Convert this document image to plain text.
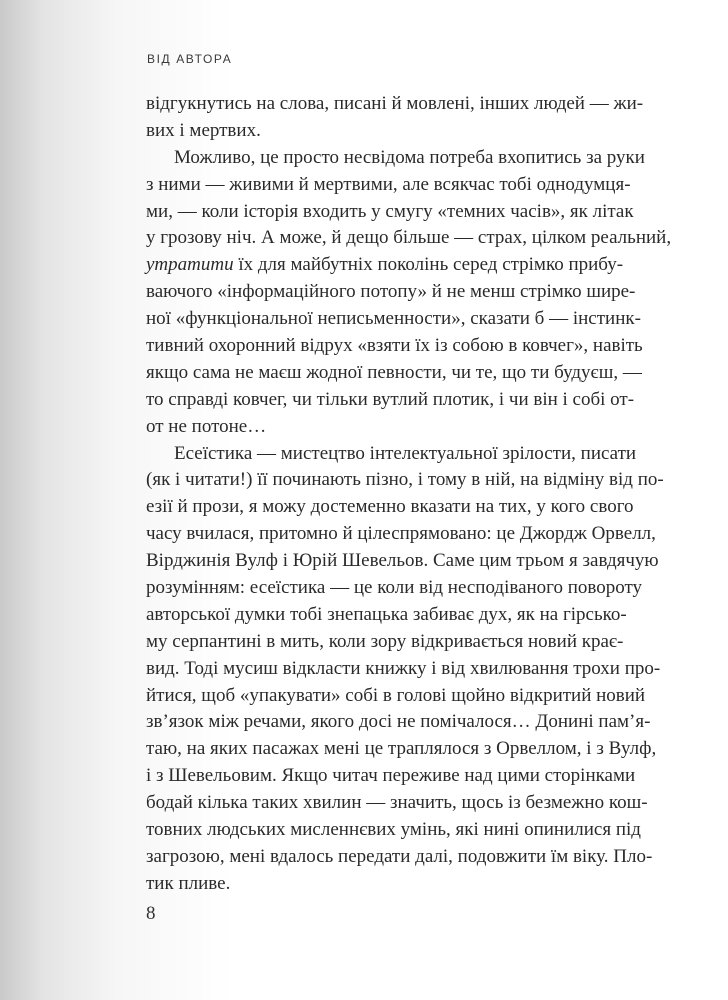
ВІД АВТОРА
відгукнутись на слова, писані й мовлені, інших людей — жи-
вих і мертвих.
Можливо, це просто несвідома потреба вхопитись за руки
з ними — живими й мертвими, але всякчас тобі однодумця-
ми, — коли історія входить у смугу «темних часів», як літак
у грозову ніч. А може, й дещо більше — страх, цілком реальний,
утратити їх для майбутніх поколінь серед стрімко прибу-
ваючого «інформаційного потопу» й не менш стрімко шире-
ної «функціональної неписьменности», сказати б — інстинк-
тивний охоронний відрух «взяти їх із собою в ковчег», навіть
якщо сама не маєш жодної певности, чи те, що ти будуєш, —
то справді ковчег, чи тільки вутлий плотик, і чи він і собі от-
от не потоне…
Есеїстика — мистецтво інтелектуальної зрілости, писати
(як і читати!) її починають пізно, і тому в ній, на відміну від по-
езії й прози, я можу достеменно вказати на тих, у кого свого
часу вчилася, притомно й цілеспрямовано: це Джордж Орвелл,
Вірджинія Вулф і Юрій Шевельов. Саме цим трьом я завдячую
розумінням: есеїстика — це коли від несподіваного повороту
авторської думки тобі знепацька забиває дух, як на гірсько-
му серпантині в мить, коли зору відкривається новий крає-
вид. Тоді мусиш відкласти книжку і від хвилювання трохи про-
йтися, щоб «упакувати» собі в голові щойно відкритий новий
зв’язок між речами, якого досі не помічалося… Донині пам’я-
таю, на яких пасажах мені це траплялося з Орвеллом, і з Вулф,
і з Шевельовим. Якщо читач переживе над цими сторінками
бодай кілька таких хвилин — значить, щось із безмежно кош-
товних людських мисленнєвих умінь, які нині опинилися під
загрозою, мені вдалось передати далі, подовжити їм віку. Пло-
тик пливе.
8
